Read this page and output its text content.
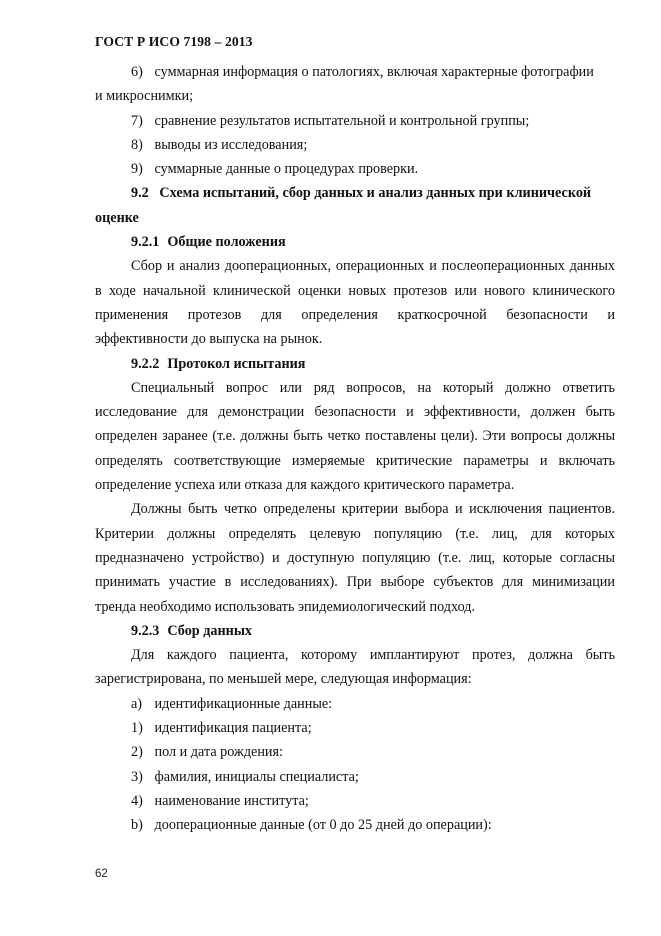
ГОСТ Р ИСО 7198 – 2013

6) суммарная информация о патологиях, включая характерные фотографии

и микроснимки;

7) сравнение результатов испытательной и контрольной группы;

8) выводы из исследования;

9) суммарные данные о процедурах проверки.

9.2 Схема испытаний, сбор данных и анализ данных при клинической

оценке

9.2.1 Общие положения

Сбор и анализ дооперационных, операционных и послеоперационных данных в ходе начальной клинической оценки новых протезов или нового клинического применения протезов для определения краткосрочной безопасности и эффективности до выпуска на рынок.

9.2.2 Протокол испытания

Специальный вопрос или ряд вопросов, на который должно ответить исследование для демонстрации безопасности и эффективности, должен быть определен заранее (т.е. должны быть четко поставлены цели). Эти вопросы должны определять соответствующие измеряемые критические параметры и включать определение успеха или отказа для каждого критического параметра.

Должны быть четко определены критерии выбора и исключения пациентов. Критерии должны определять целевую популяцию (т.е. лиц, для которых предназначено устройство) и доступную популяцию (т.е. лиц, которые согласны принимать участие в исследованиях). При выборе субъектов для минимизации тренда необходимо использовать эпидемиологический подход.

9.2.3 Сбор данных

Для каждого пациента, которому имплантируют протез, должна быть зарегистрирована, по меньшей мере, следующая информация:

a) идентификационные данные:

1) идентификация пациента;

2) пол и дата рождения:

3) фамилия, инициалы специалиста;

4) наименование института;

b) дооперационные данные (от 0 до 25 дней до операции):

62
